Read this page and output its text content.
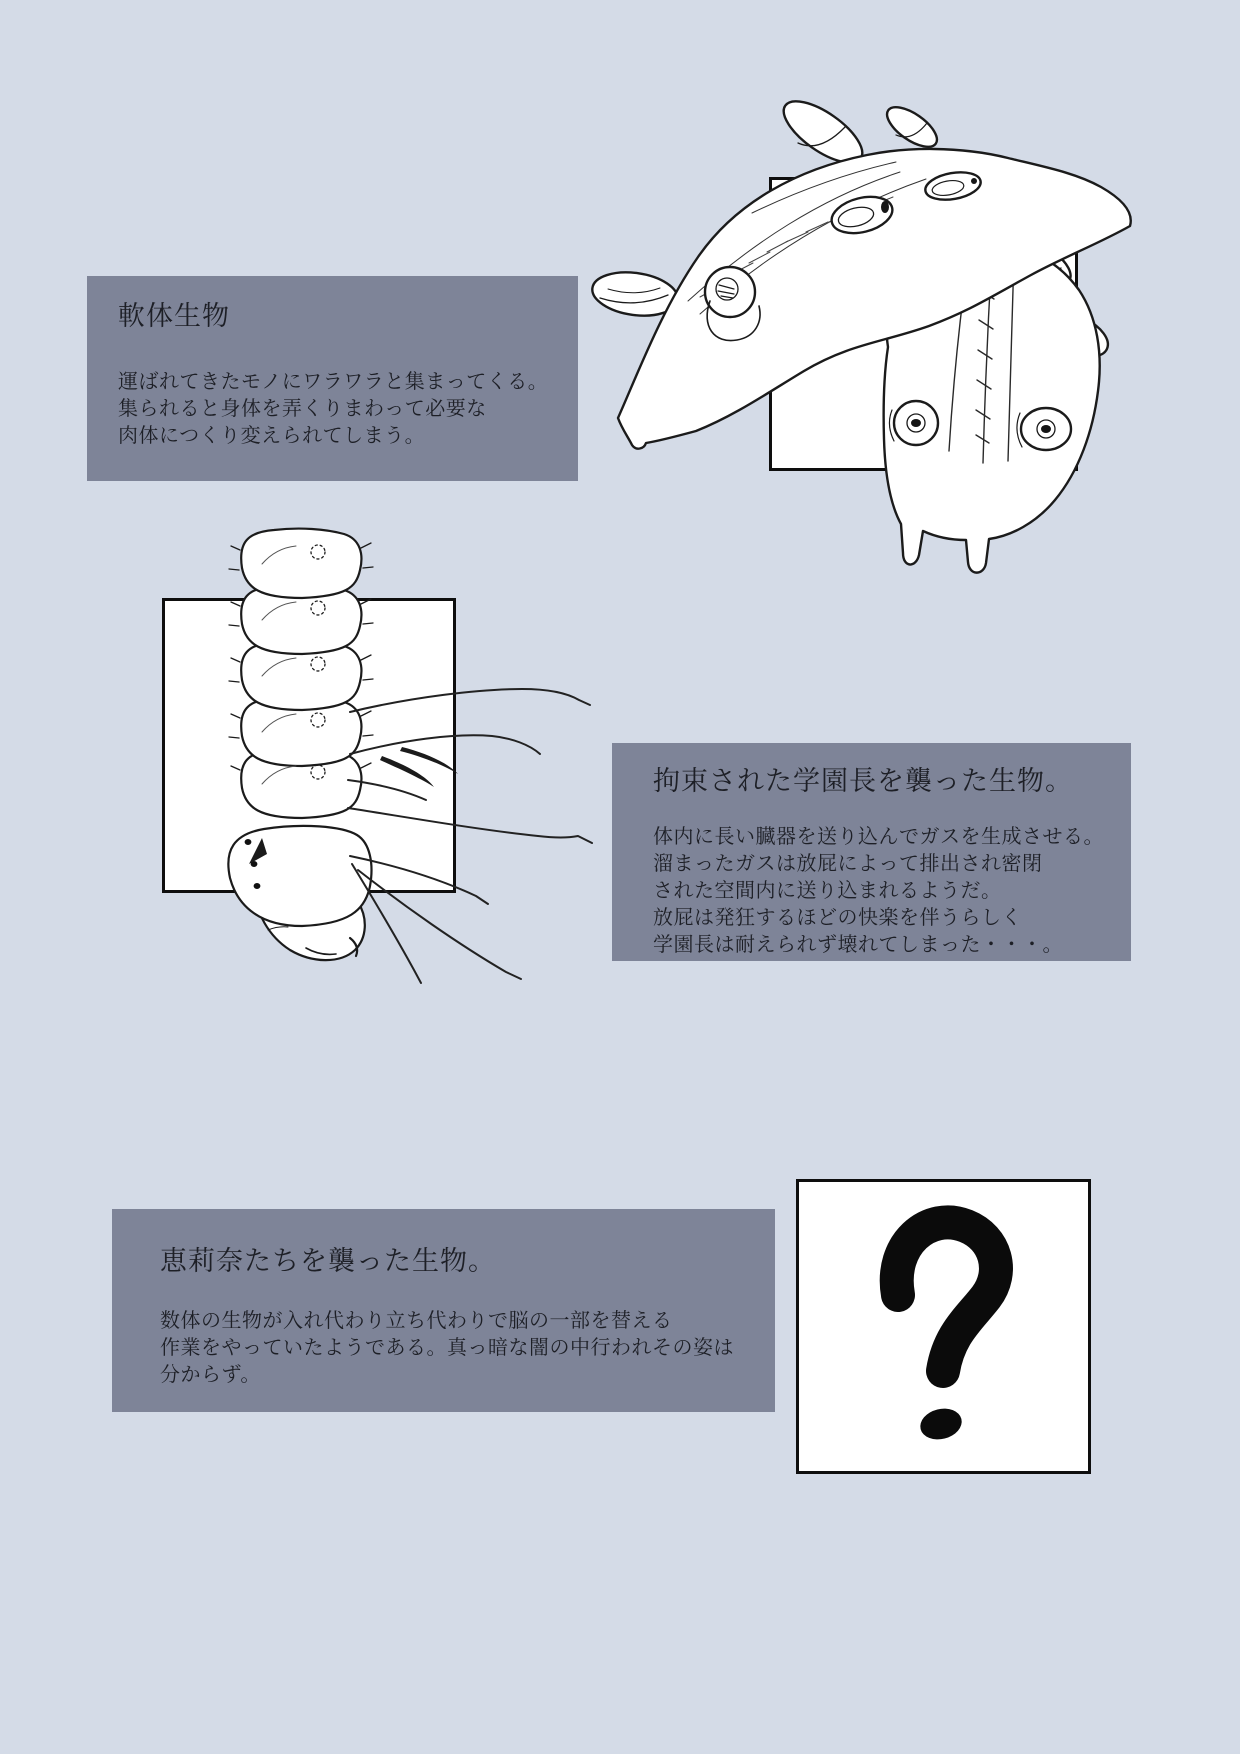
軟体生物

運ばれてきたモノにワラワラと集まってくる。
集られると身体を弄くりまわって必要な
肉体につくり変えられてしまう。

拘束された学園長を襲った生物。

体内に長い臓器を送り込んでガスを生成させる。
溜まったガスは放屁によって排出され密閉
された空間内に送り込まれるようだ。
放屁は発狂するほどの快楽を伴うらしく
学園長は耐えられず壊れてしまった・・・。

恵莉奈たちを襲った生物。

数体の生物が入れ代わり立ち代わりで脳の一部を替える
作業をやっていたようである。真っ暗な闇の中行われその姿は
分からず。
